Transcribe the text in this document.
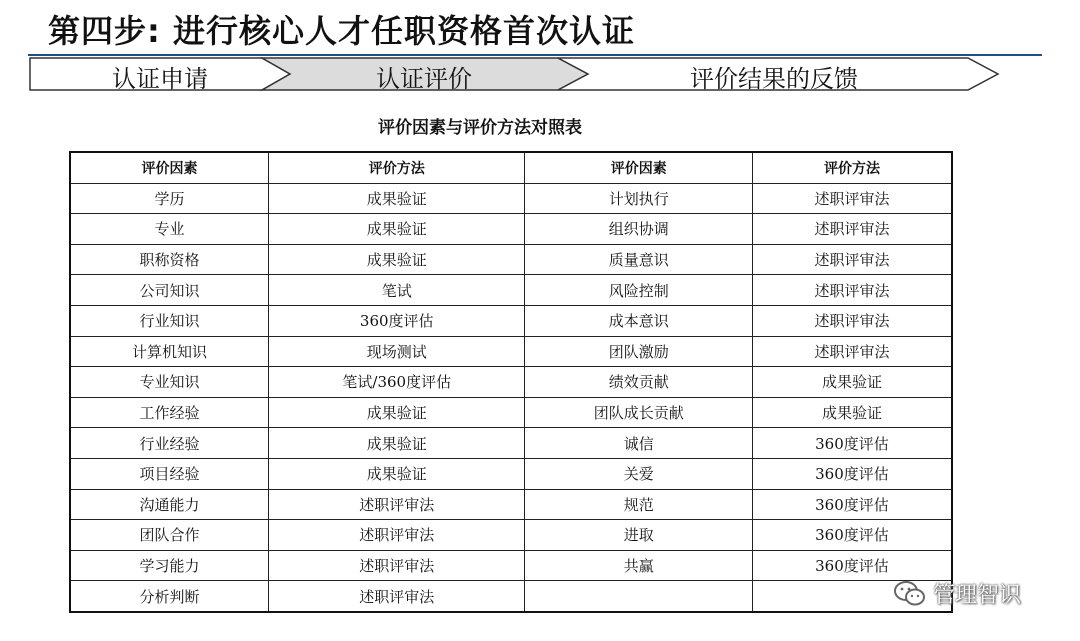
第四步: 进行核心人才任职资格首次认证
认证申请	认证评价	评价结果的反馈
评价因素与评价方法对照表
评价因素	评价方法	评价因素	评价方法
学历	成果验证	计划执行	述职评审法
专业	成果验证	组织协调	述职评审法
职称资格	成果验证	质量意识	述职评审法
公司知识	笔试	风险控制	述职评审法
行业知识	360度评估	成本意识	述职评审法
计算机知识	现场测试	团队激励	述职评审法
专业知识	笔试/360度评估	绩效贡献	成果验证
工作经验	成果验证	团队成长贡献	成果验证
行业经验	成果验证	诚信	360度评估
项目经验	成果验证	关爱	360度评估
沟通能力	述职评审法	规范	360度评估
团队合作	述职评审法	进取	360度评估
学习能力	述职评审法	共赢	360度评估
分析判断	述职评审法			管理智识
